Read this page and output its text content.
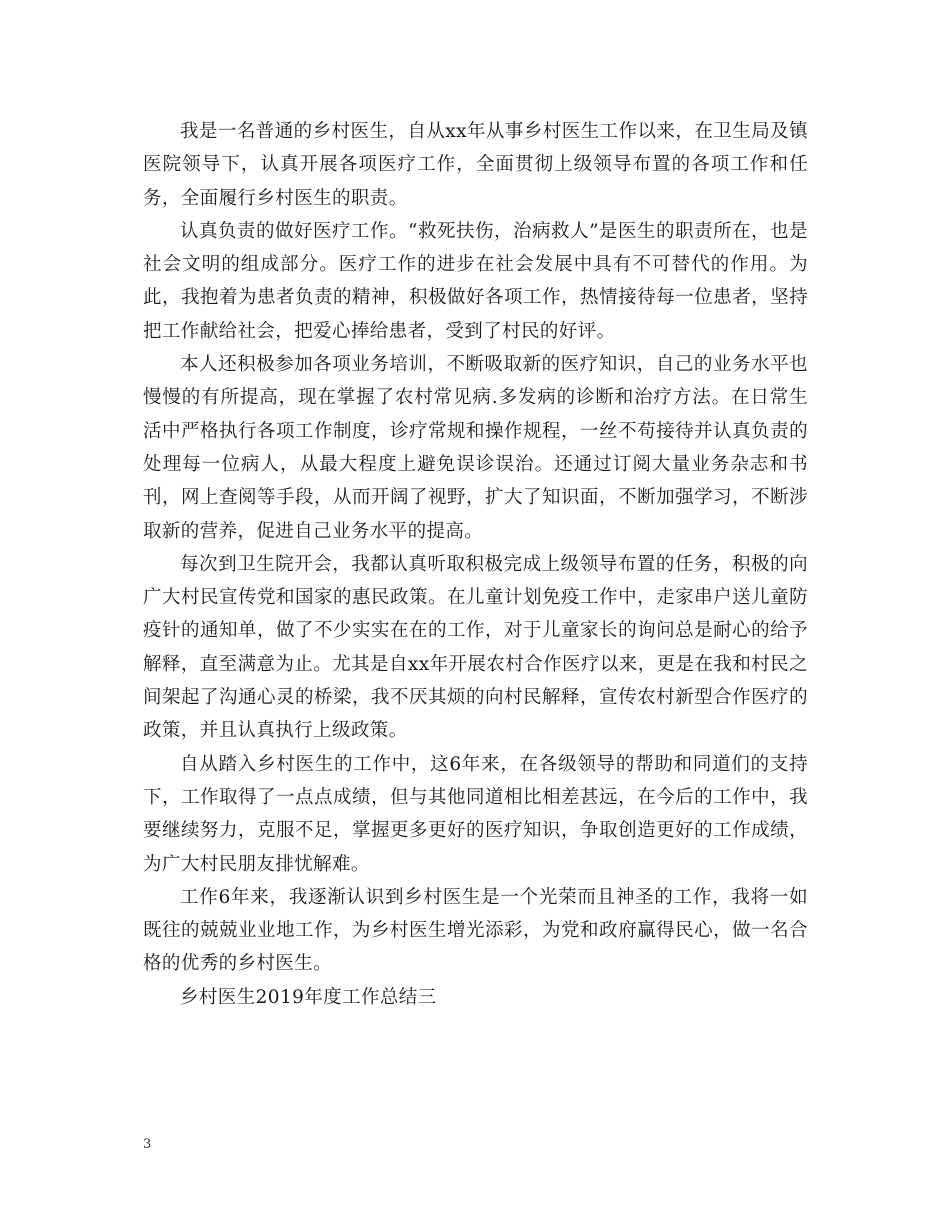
我是一名普通的乡村医生，自从xx年从事乡村医生工作以来，在卫生局及镇医院领导下，认真开展各项医疗工作，全面贯彻上级领导布置的各项工作和任务，全面履行乡村医生的职责。

认真负责的做好医疗工作。“救死扶伤，治病救人”是医生的职责所在，也是社会文明的组成部分。医疗工作的进步在社会发展中具有不可替代的作用。为此，我抱着为患者负责的精神，积极做好各项工作，热情接待每一位患者，坚持把工作献给社会，把爱心捧给患者，受到了村民的好评。

本人还积极参加各项业务培训，不断吸取新的医疗知识，自己的业务水平也慢慢的有所提高，现在掌握了农村常见病.多发病的诊断和治疗方法。在日常生活中严格执行各项工作制度，诊疗常规和操作规程，一丝不苟接待并认真负责的处理每一位病人，从最大程度上避免误诊误治。还通过订阅大量业务杂志和书刊，网上查阅等手段，从而开阔了视野，扩大了知识面，不断加强学习，不断涉取新的营养，促进自己业务水平的提高。

每次到卫生院开会，我都认真听取积极完成上级领导布置的任务，积极的向广大村民宣传党和国家的惠民政策。在儿童计划免疫工作中，走家串户送儿童防疫针的通知单，做了不少实实在在的工作，对于儿童家长的询问总是耐心的给予解释，直至满意为止。尤其是自xx年开展农村合作医疗以来，更是在我和村民之间架起了沟通心灵的桥梁，我不厌其烦的向村民解释，宣传农村新型合作医疗的政策，并且认真执行上级政策。

自从踏入乡村医生的工作中，这6年来，在各级领导的帮助和同道们的支持下，工作取得了一点点成绩，但与其他同道相比相差甚远，在今后的工作中，我要继续努力，克服不足，掌握更多更好的医疗知识，争取创造更好的工作成绩，为广大村民朋友排忧解难。

工作6年来，我逐渐认识到乡村医生是一个光荣而且神圣的工作，我将一如既往的兢兢业业地工作，为乡村医生增光添彩，为党和政府赢得民心，做一名合格的优秀的乡村医生。

乡村医生2019年度工作总结三

3
